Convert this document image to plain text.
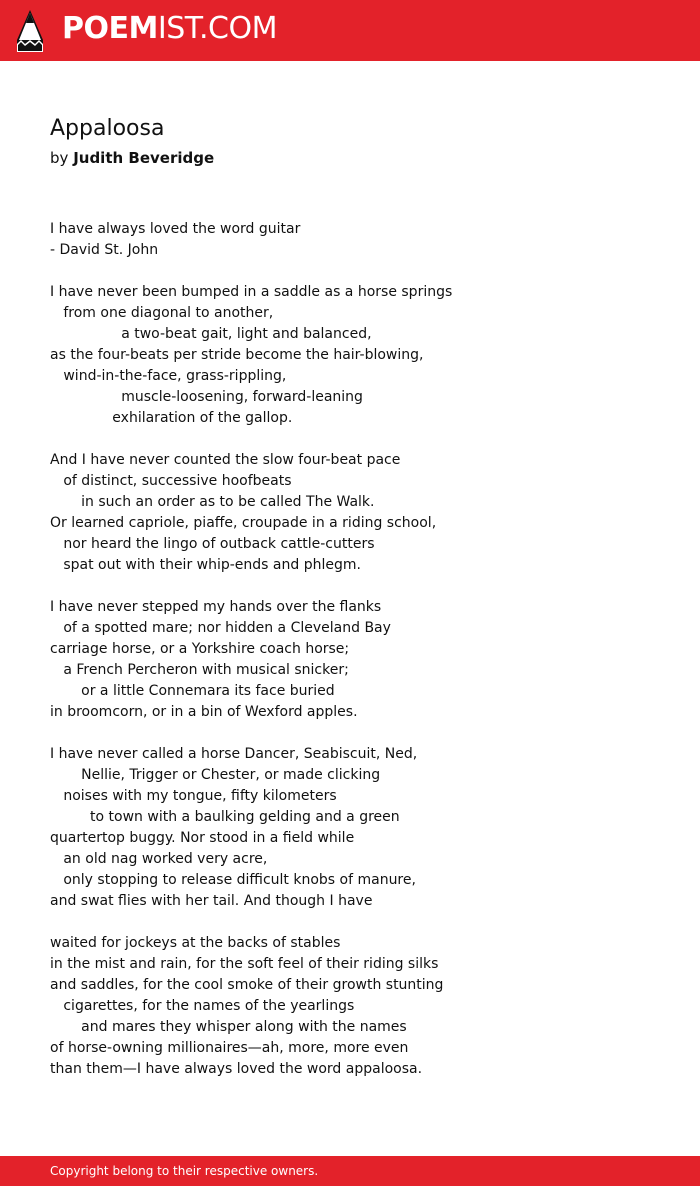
POEMIST.COM
Appaloosa
by Judith Beveridge
I have always loved the word guitar
- David St. John
I have never been bumped in a saddle as a horse springs
from one diagonal to another,
a two-beat gait, light and balanced,
as the four-beats per stride become the hair-blowing,
wind-in-the-face, grass-rippling,
muscle-loosening, forward-leaning
exhilaration of the gallop.
And I have never counted the slow four-beat pace
of distinct, successive hoofbeats
in such an order as to be called The Walk.
Or learned capriole, piaffe, croupade in a riding school,
nor heard the lingo of outback cattle-cutters
spat out with their whip-ends and phlegm.
I have never stepped my hands over the flanks
of a spotted mare; nor hidden a Cleveland Bay
carriage horse, or a Yorkshire coach horse;
a French Percheron with musical snicker;
or a little Connemara its face buried
in broomcorn, or in a bin of Wexford apples.
I have never called a horse Dancer, Seabiscuit, Ned,
Nellie, Trigger or Chester, or made clicking
noises with my tongue, fifty kilometers
to town with a baulking gelding and a green
quartertop buggy. Nor stood in a field while
an old nag worked very acre,
only stopping to release difficult knobs of manure,
and swat flies with her tail. And though I have
waited for jockeys at the backs of stables
in the mist and rain, for the soft feel of their riding silks
and saddles, for the cool smoke of their growth stunting
cigarettes, for the names of the yearlings
and mares they whisper along with the names
of horse-owning millionaires—ah, more, more even
than them—I have always loved the word appaloosa.
Copyright belong to their respective owners.
